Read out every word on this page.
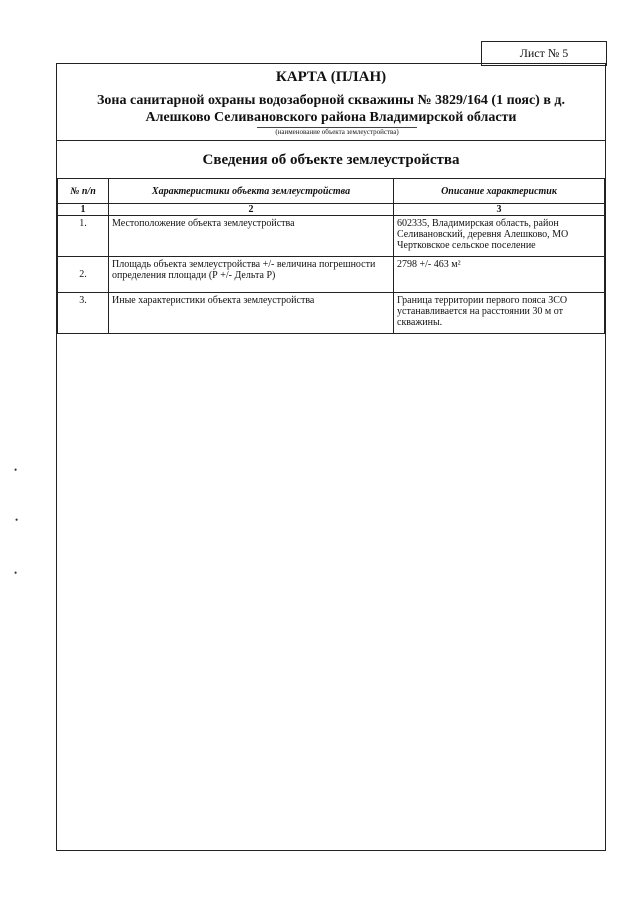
Лист № 5
КАРТА (ПЛАН)
Зона санитарной охраны водозаборной скважины № 3829/164 (1 пояс) в д. Алешково Селивановского района Владимирской области
(наименование объекта землеустройства)
Сведения об объекте землеустройства
№ п/п	Характеристики объекта землеустройства	Описание характеристик
1	2	3
1.	Местоположение объекта землеустройства	602335, Владимирская область, район Селивановский, деревня Алешково, МО Чертковское сельское поселение
2.	Площадь объекта землеустройства +/- величина погрешности определения площади (Р +/- Дельта Р)	2798 +/- 463 м²
3.	Иные характеристики объекта землеустройства	Граница территории первого пояса ЗСО устанавливается на расстоянии 30 м от скважины.
•
•
•
